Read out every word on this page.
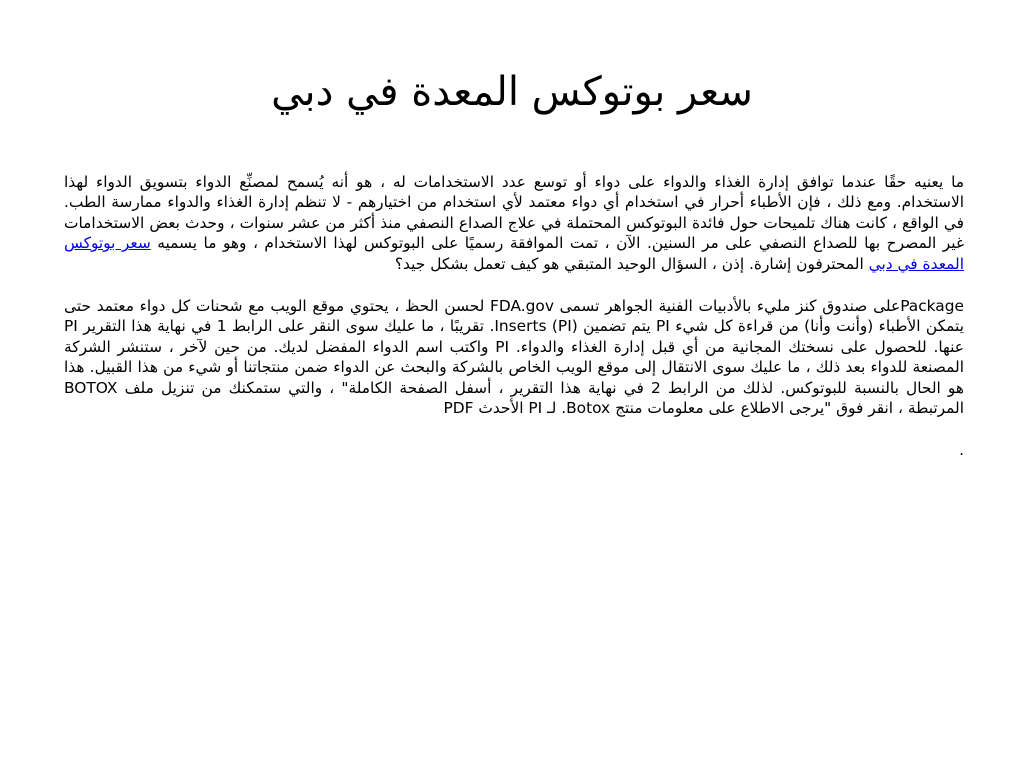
سعر بوتوكس المعدة في دبي

ما يعنيه حقًا عندما توافق إدارة الغذاء والدواء على دواء أو توسع عدد الاستخدامات له ، هو أنه يُسمح لمصنِّع الدواء بتسويق الدواء لهذا الاستخدام. ومع ذلك ، فإن الأطباء أحرار في استخدام أي دواء معتمد لأي استخدام من اختيارهم - لا تنظم إدارة الغذاء والدواء ممارسة الطب. في الواقع ، كانت هناك تلميحات حول فائدة البوتوكس المحتملة في علاج الصداع النصفي منذ أكثر من عشر سنوات ، وحدث بعض الاستخدامات غير المصرح بها للصداع النصفي على مر السنين. الآن ، تمت الموافقة رسميًا على البوتوكس لهذا الاستخدام ، وهو ما يسميه سعر بوتوكس المعدة في دبي المحترفون إشارة. إذن ، السؤال الوحيد المتبقي هو كيف تعمل بشكل جيد؟

Packageعلى صندوق كنز مليء بالأدبيات الفنية الجواهر تسمى FDA.gov لحسن الحظ ، يحتوي موقع الويب مع شحنات كل دواء معتمد حتى يتمكن الأطباء (وأنت وأنا) من قراءة كل شيء PI يتم تضمين Inserts (PI). تقريبًا ، ما عليك سوى النقر على الرابط 1 في نهاية هذا التقرير PI عنها. للحصول على نسختك المجانية من أي قبل إدارة الغذاء والدواء. PI واكتب اسم الدواء المفضل لديك. من حين لآخر ، ستنشر الشركة المصنعة للدواء بعد ذلك ، ما عليك سوى الانتقال إلى موقع الويب الخاص بالشركة والبحث عن الدواء ضمن منتجاتنا أو شيء من هذا القبيل. هذا هو الحال بالنسبة للبوتوكس. لذلك من الرابط 2 في نهاية هذا التقرير ، أسفل الصفحة الكاملة" ، والتي ستمكنك من تنزيل ملف BOTOX المرتبطة ، انقر فوق "يرجى الاطلاع على معلومات منتج Botox. لـ PI الأحدث PDF

.
